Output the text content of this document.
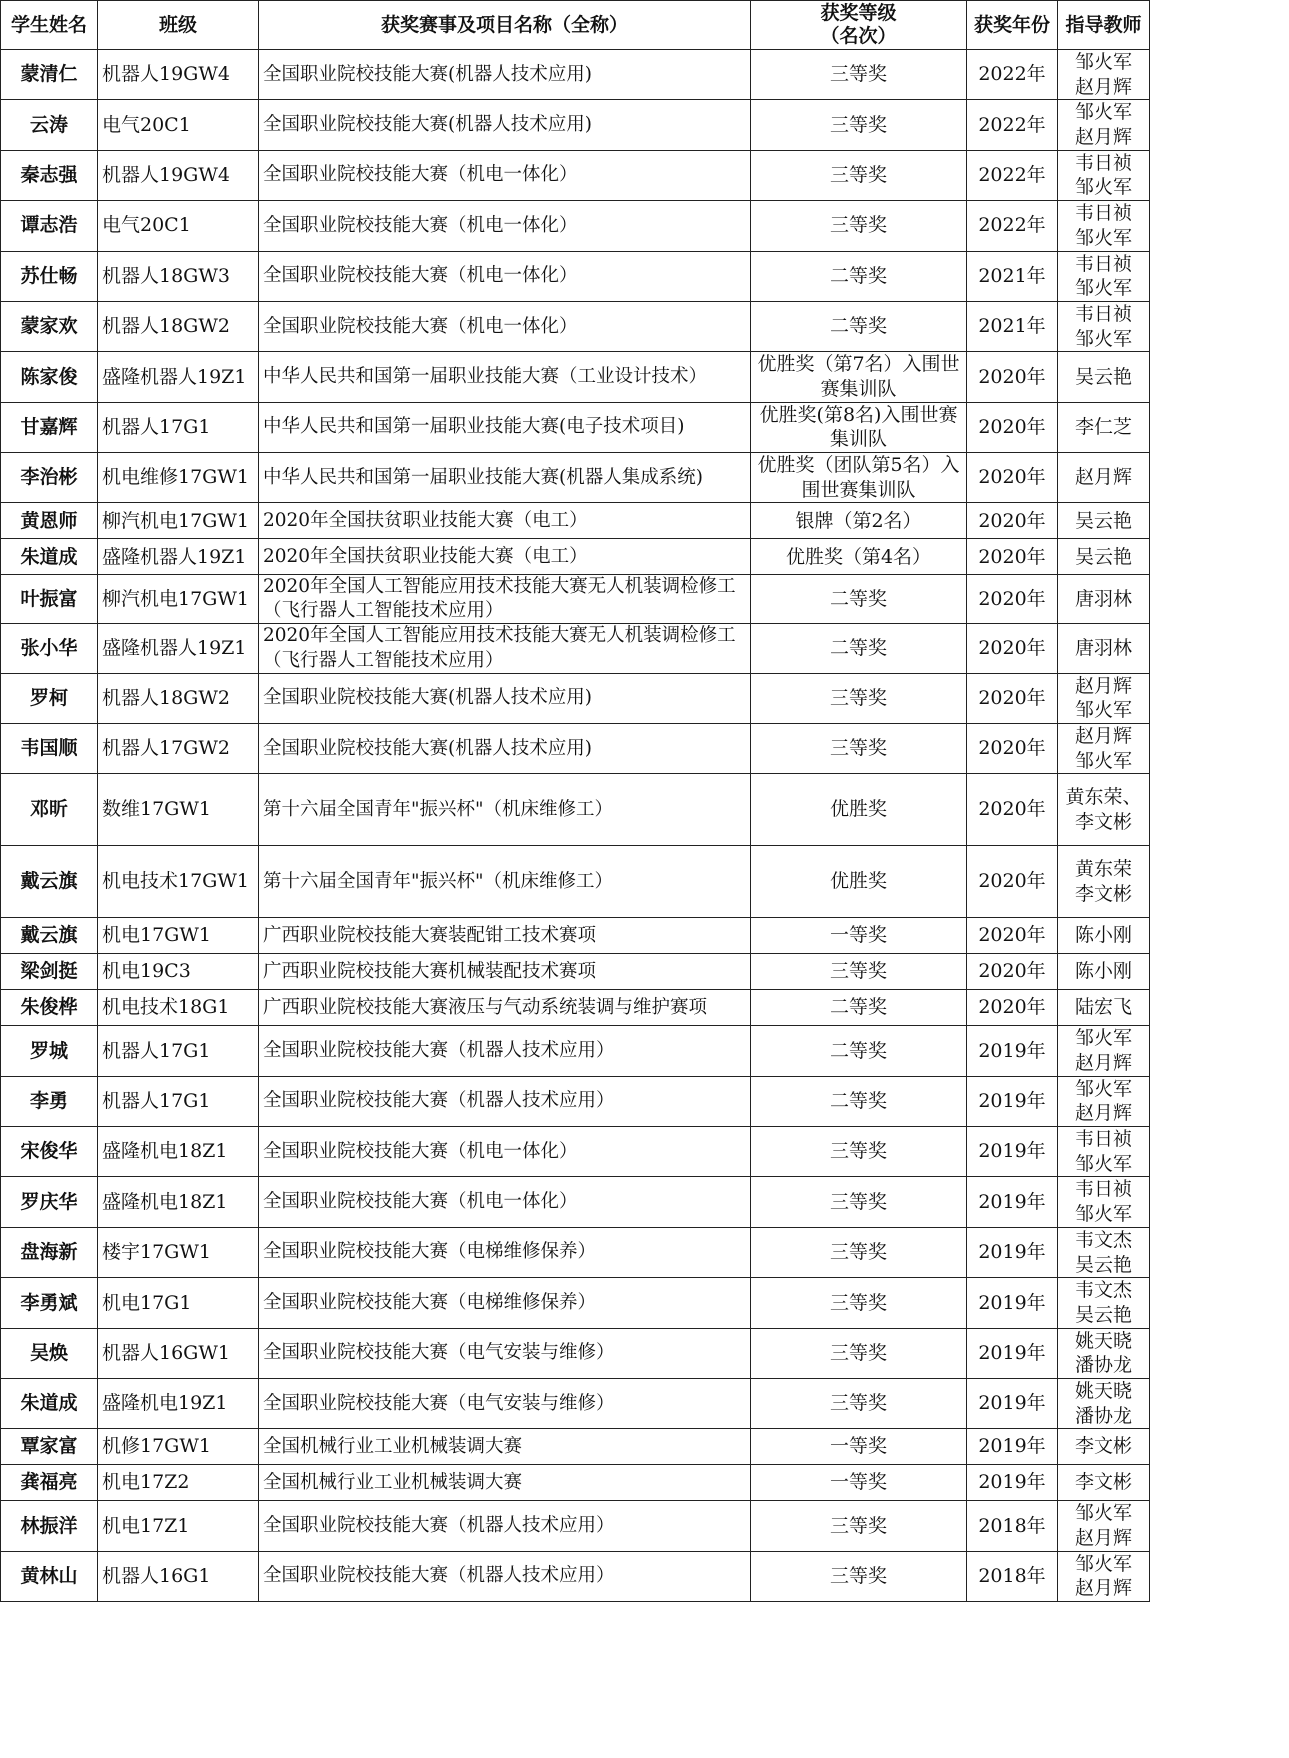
学生姓名	班级	获奖赛事及项目名称（全称）	获奖等级
（名次）	获奖年份	指导教师
蒙清仁	机器人19GW4	全国职业院校技能大赛(机器人技术应用)	三等奖	2022年	邹火军
赵月辉

云涛	电气20C1	全国职业院校技能大赛(机器人技术应用)	三等奖	2022年	邹火军
赵月辉

秦志强	机器人19GW4	全国职业院校技能大赛（机电一体化）	三等奖	2022年	韦日祯
邹火军

谭志浩	电气20C1	全国职业院校技能大赛（机电一体化）	三等奖	2022年	韦日祯
邹火军

苏仕畅	机器人18GW3	全国职业院校技能大赛（机电一体化）	二等奖	2021年	韦日祯
邹火军

蒙家欢	机器人18GW2	全国职业院校技能大赛（机电一体化）	二等奖	2021年	韦日祯
邹火军

陈家俊	盛隆机器人19Z1	中华人民共和国第一届职业技能大赛（工业设计技术）	优胜奖（第7名）入围世赛集训队	2020年	吴云艳

甘嘉辉	机器人17G1	中华人民共和国第一届职业技能大赛(电子技术项目)	优胜奖(第8名)入围世赛集训队	2020年	李仁芝

李治彬	机电维修17GW1	中华人民共和国第一届职业技能大赛(机器人集成系统)	优胜奖（团队第5名）入围世赛集训队	2020年	赵月辉

黄恩师	柳汽机电17GW1	2020年全国扶贫职业技能大赛（电工）	银牌（第2名）	2020年	吴云艳

朱道成	盛隆机器人19Z1	2020年全国扶贫职业技能大赛（电工）	优胜奖（第4名）	2020年	吴云艳

叶振富	柳汽机电17GW1	2020年全国人工智能应用技术技能大赛无人机装调检修工（飞行器人工智能技术应用）	二等奖	2020年	唐羽林

张小华	盛隆机器人19Z1	2020年全国人工智能应用技术技能大赛无人机装调检修工（飞行器人工智能技术应用）	二等奖	2020年	唐羽林

罗柯	机器人18GW2	全国职业院校技能大赛(机器人技术应用)	三等奖	2020年	赵月辉
邹火军

韦国顺	机器人17GW2	全国职业院校技能大赛(机器人技术应用)	三等奖	2020年	赵月辉
邹火军

邓昕	数维17GW1	第十六届全国青年"振兴杯"（机床维修工）	优胜奖	2020年	黄东荣、
李文彬

戴云旗	机电技术17GW1	第十六届全国青年"振兴杯"（机床维修工）	优胜奖	2020年	黄东荣
李文彬

戴云旗	机电17GW1	广西职业院校技能大赛装配钳工技术赛项	一等奖	2020年	陈小刚

梁剑挺	机电19C3	广西职业院校技能大赛机械装配技术赛项	三等奖	2020年	陈小刚

朱俊桦	机电技术18G1	广西职业院校技能大赛液压与气动系统装调与维护赛项	二等奖	2020年	陆宏飞

罗城	机器人17G1	全国职业院校技能大赛（机器人技术应用）	二等奖	2019年	邹火军
赵月辉

李勇	机器人17G1	全国职业院校技能大赛（机器人技术应用）	二等奖	2019年	邹火军
赵月辉

宋俊华	盛隆机电18Z1	全国职业院校技能大赛（机电一体化）	三等奖	2019年	韦日祯
邹火军

罗庆华	盛隆机电18Z1	全国职业院校技能大赛（机电一体化）	三等奖	2019年	韦日祯
邹火军

盘海新	楼宇17GW1	全国职业院校技能大赛（电梯维修保养）	三等奖	2019年	韦文杰
吴云艳

李勇斌	机电17G1	全国职业院校技能大赛（电梯维修保养）	三等奖	2019年	韦文杰
吴云艳

吴焕	机器人16GW1	全国职业院校技能大赛（电气安装与维修）	三等奖	2019年	姚天晓
潘协龙

朱道成	盛隆机电19Z1	全国职业院校技能大赛（电气安装与维修）	三等奖	2019年	姚天晓
潘协龙

覃家富	机修17GW1	全国机械行业工业机械装调大赛	一等奖	2019年	李文彬

龚福亮	机电17Z2	全国机械行业工业机械装调大赛	一等奖	2019年	李文彬

林振洋	机电17Z1	全国职业院校技能大赛（机器人技术应用）	三等奖	2018年	邹火军
赵月辉

黄林山	机器人16G1	全国职业院校技能大赛（机器人技术应用）	三等奖	2018年	邹火军
赵月辉
